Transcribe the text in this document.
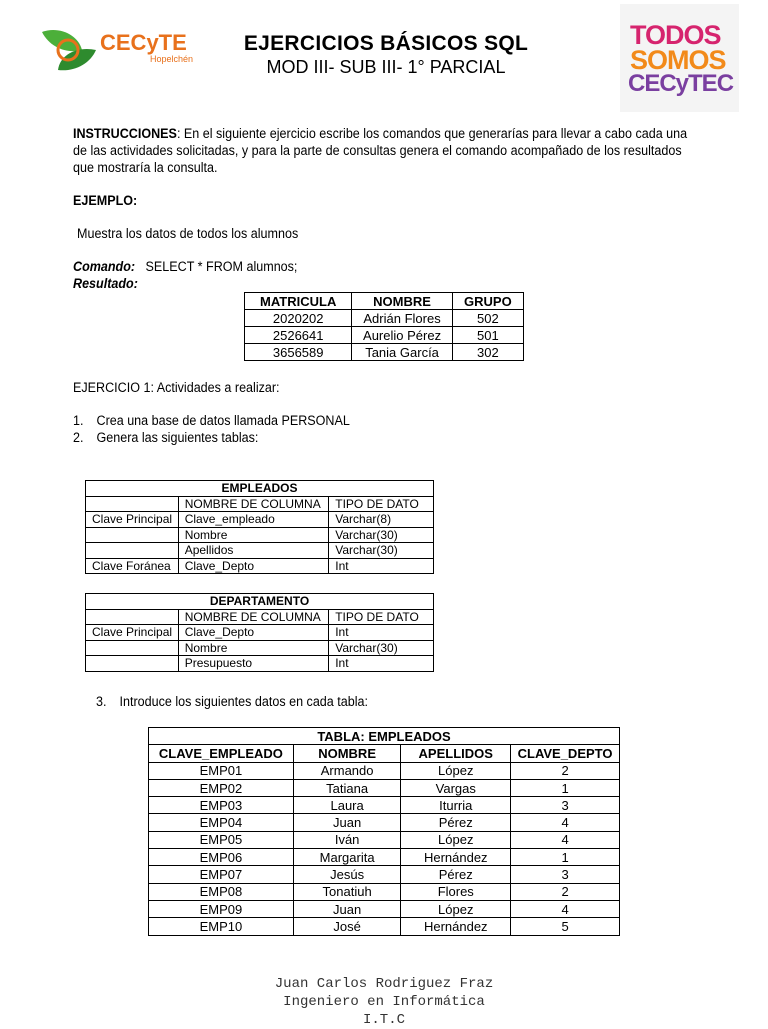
CECyTE
Hopelchén
EJERCICIOS BÁSICOS SQL
MOD III- SUB III- 1° PARCIAL
TODOS
SOMOS
CECyTEC
INSTRUCCIONES: En el siguiente ejercicio escribe los comandos que generarías para llevar a cabo cada una de las actividades solicitadas, y para la parte de consultas genera el comando acompañado de los resultados que mostraría la consulta.
EJEMPLO:
Muestra los datos de todos los alumnos
Comando: SELECT * FROM alumnos;
Resultado:
MATRICULA	NOMBRE	GRUPO
2020202	Adrián Flores	502
2526641	Aurelio Pérez	501
3656589	Tania García	302
EJERCICIO 1: Actividades a realizar:
1. Crea una base de datos llamada PERSONAL
2. Genera las siguientes tablas:
EMPLEADOS		
	NOMBRE DE COLUMNA	TIPO DE DATO
Clave Principal	Clave_empleado	Varchar(8)
	Nombre	Varchar(30)
	Apellidos	Varchar(30)
Clave Foránea	Clave_Depto	Int
DEPARTAMENTO		
	NOMBRE DE COLUMNA	TIPO DE DATO
Clave Principal	Clave_Depto	Int
	Nombre	Varchar(30)
	Presupuesto	Int
3. Introduce los siguientes datos en cada tabla:
TABLA: EMPLEADOS			
CLAVE_EMPLEADO	NOMBRE	APELLIDOS	CLAVE_DEPTO
EMP01	Armando	López	2
EMP02	Tatiana	Vargas	1
EMP03	Laura	Iturria	3
EMP04	Juan	Pérez	4
EMP05	Iván	López	4
EMP06	Margarita	Hernández	1
EMP07	Jesús	Pérez	3
EMP08	Tonatiuh	Flores	2
EMP09	Juan	López	4
EMP10	José	Hernández	5
Juan Carlos Rodriguez Fraz
Ingeniero en Informática
I.T.C
